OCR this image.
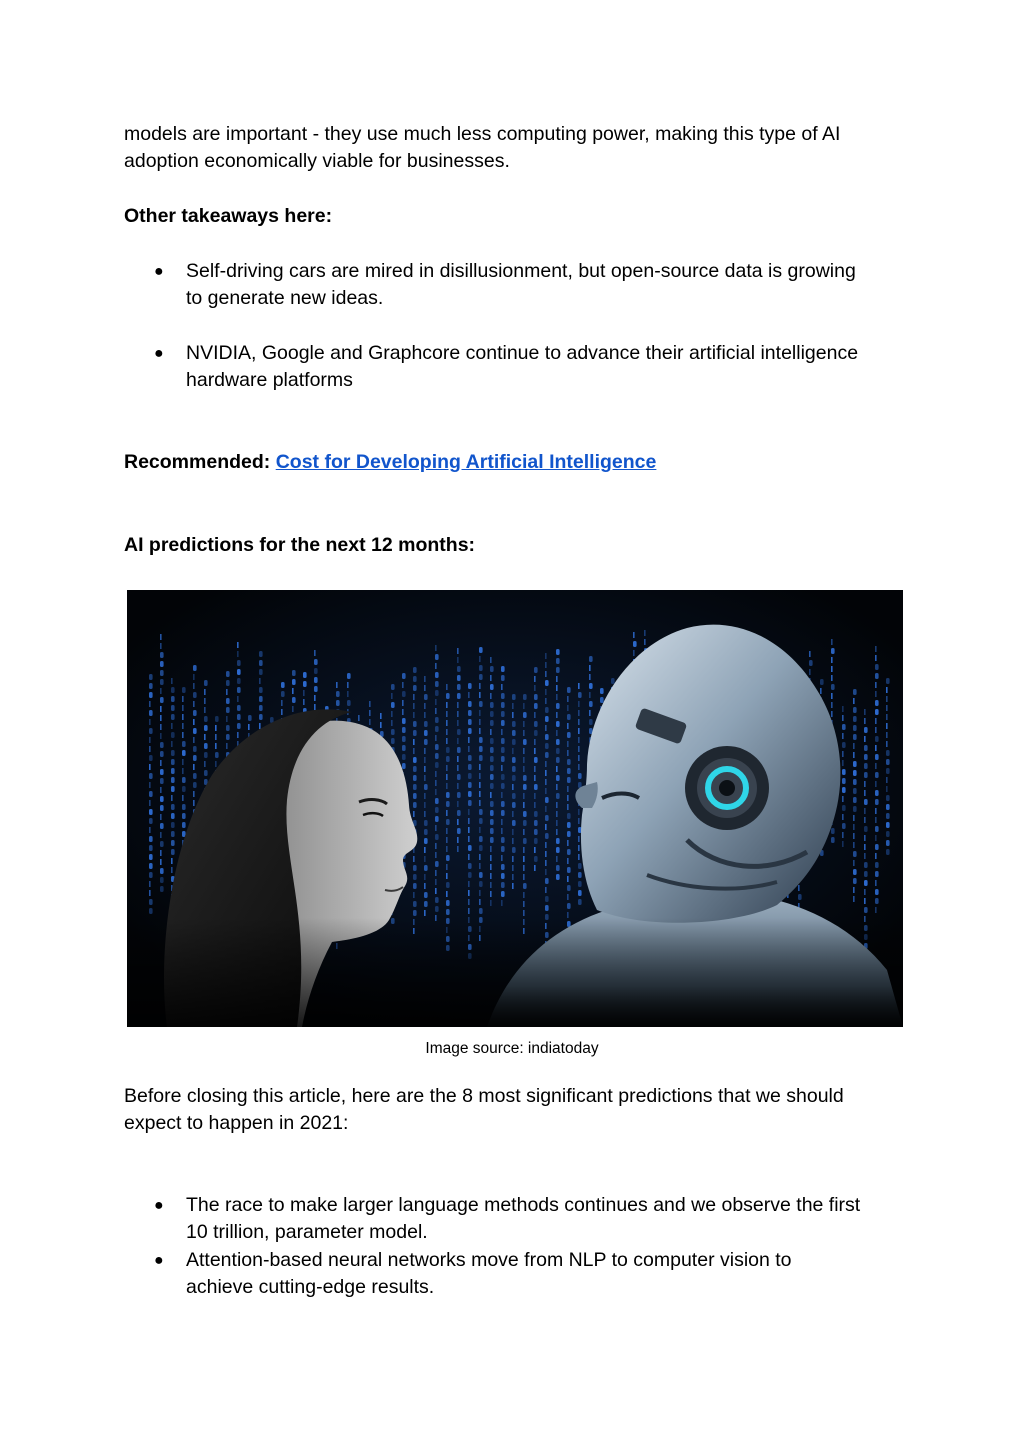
models are important - they use much less computing power, making this type of AI
adoption economically viable for businesses.

Other takeaways here:

● Self-driving cars are mired in disillusionment, but open-source data is growing
to generate new ideas.
● NVIDIA, Google and Graphcore continue to advance their artificial intelligence
hardware platforms

Recommended: Cost for Developing Artificial Intelligence

AI predictions for the next 12 months:

Image source: indiatoday

Before closing this article, here are the 8 most significant predictions that we should
expect to happen in 2021:

● The race to make larger language methods continues and we observe the first
10 trillion, parameter model.
● Attention-based neural networks move from NLP to computer vision to
achieve cutting-edge results.
